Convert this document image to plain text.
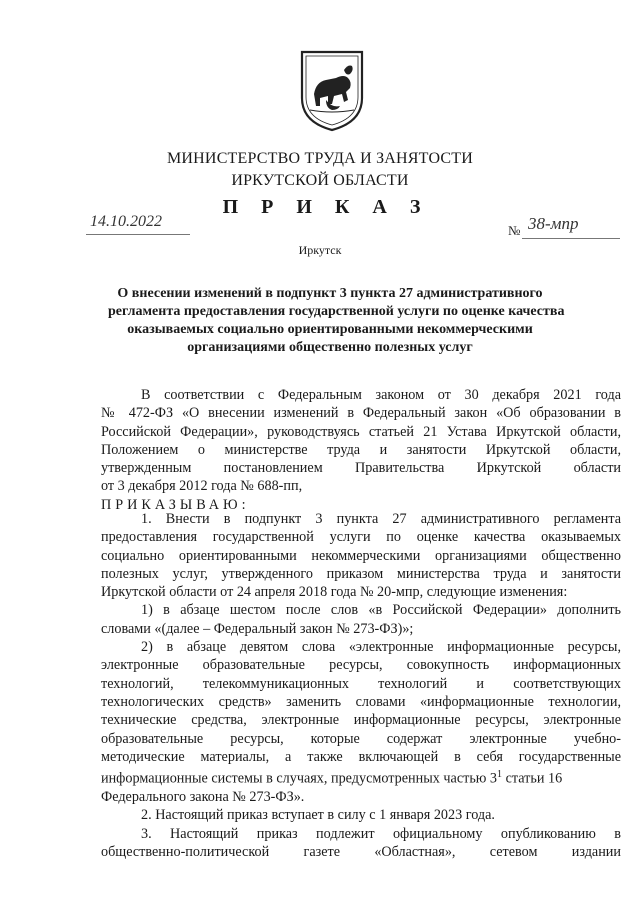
МИНИСТЕРСТВО ТРУДА И ЗАНЯТОСТИ
ИРКУТСКОЙ ОБЛАСТИ
П Р И К А З
14.10.2022
№ 38-мпр
Иркутск
О внесении изменений в подпункт 3 пункта 27 административного
регламента предоставления государственной услуги по оценке качества
оказываемых социально ориентированными некоммерческими
организациями общественно полезных услуг
В соответствии с Федеральным законом от 30 декабря 2021 года
№ 472-ФЗ «О внесении изменений в Федеральный закон «Об образовании в
Российской Федерации», руководствуясь статьей 21 Устава Иркутской области,
Положением о министерстве труда и занятости Иркутской области,
утвержденным постановлением Правительства Иркутской области
от 3 декабря 2012 года № 688-пп,
ПРИКАЗЫВАЮ:
1. Внести в подпункт 3 пункта 27 административного регламента
предоставления государственной услуги по оценке качества оказываемых
социально ориентированными некоммерческими организациями общественно
полезных услуг, утвержденного приказом министерства труда и занятости
Иркутской области от 24 апреля 2018 года № 20-мпр, следующие изменения:
1) в абзаце шестом после слов «в Российской Федерации» дополнить
словами «(далее – Федеральный закон № 273-ФЗ)»;
2) в абзаце девятом слова «электронные информационные ресурсы,
электронные образовательные ресурсы, совокупность информационных
технологий, телекоммуникационных технологий и соответствующих
технологических средств» заменить словами «информационные технологии,
технические средства, электронные информационные ресурсы, электронные
образовательные ресурсы, которые содержат электронные учебно-
методические материалы, а также включающей в себя государственные
информационные системы в случаях, предусмотренных частью $3^1$ статьи 16
Федерального закона № 273-ФЗ».
2. Настоящий приказ вступает в силу с 1 января 2023 года.
3. Настоящий приказ подлежит официальному опубликованию в
общественно-политической газете «Областная», сетевом издании
